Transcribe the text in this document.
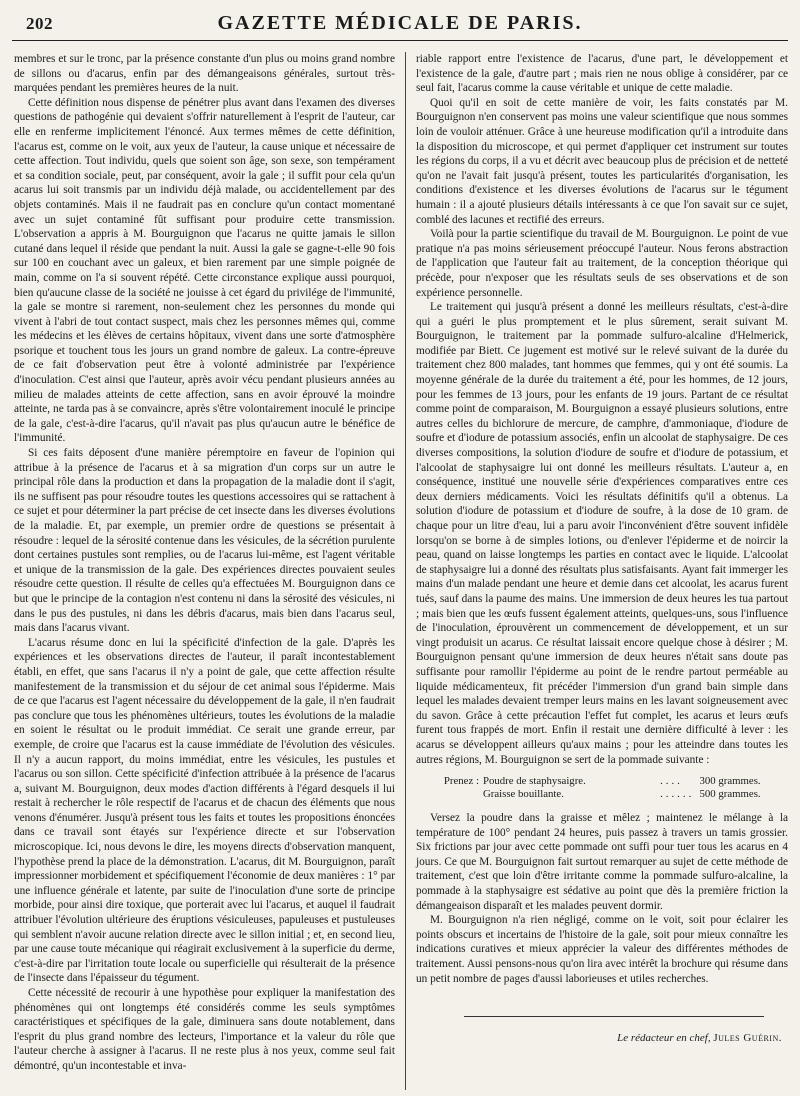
202	GAZETTE MÉDICALE DE PARIS.

membres et sur le tronc, par la présence constante d'un plus ou moins grand nombre de sillons ou d'acarus, enfin par des démangeaisons générales, surtout très-marquées pendant les premières heures de la nuit.

Cette définition nous dispense de pénétrer plus avant dans l'examen des diverses questions de pathogénie qui devaient s'offrir naturellement à l'esprit de l'auteur, car elle en renferme implicitement l'énoncé. Aux termes mêmes de cette définition, l'acarus est, comme on le voit, aux yeux de l'auteur, la cause unique et nécessaire de cette affection. Tout individu, quels que soient son âge, son sexe, son tempérament et sa condition sociale, peut, par conséquent, avoir la gale ; il suffit pour cela qu'un acarus lui soit transmis par un individu déjà malade, ou accidentellement par des objets contaminés. Mais il ne faudrait pas en conclure qu'un contact momentané avec un sujet contaminé fût suffisant pour produire cette transmission. L'observation a appris à M. Bourguignon que l'acarus ne quitte jamais le sillon cutané dans lequel il réside que pendant la nuit. Aussi la gale se gagne-t-elle 90 fois sur 100 en couchant avec un galeux, et bien rarement par une simple poignée de main, comme on l'a si souvent répété. Cette circonstance explique aussi pourquoi, bien qu'aucune classe de la société ne jouisse à cet égard du privilége de l'immunité, la gale se montre si rarement, non-seulement chez les personnes du monde qui vivent à l'abri de tout contact suspect, mais chez les personnes mêmes qui, comme les médecins et les élèves de certains hôpitaux, vivent dans une sorte d'atmosphère psorique et touchent tous les jours un grand nombre de galeux. La contre-épreuve de ce fait d'observation peut être à volonté administrée par l'expérience d'inoculation. C'est ainsi que l'auteur, après avoir vécu pendant plusieurs années au milieu de malades atteints de cette affection, sans en avoir éprouvé la moindre atteinte, ne tarda pas à se convaincre, après s'être volontairement inoculé le principe de la gale, c'est-à-dire l'acarus, qu'il n'avait pas plus qu'aucun autre le bénéfice de l'immunité.

Si ces faits déposent d'une manière péremptoire en faveur de l'opinion qui attribue à la présence de l'acarus et à sa migration d'un corps sur un autre le principal rôle dans la production et dans la propagation de la maladie dont il s'agit, ils ne suffisent pas pour résoudre toutes les questions accessoires qui se rattachent à ce sujet et pour déterminer la part précise de cet insecte dans les diverses évolutions de la maladie. Et, par exemple, un premier ordre de questions se présentait à résoudre : lequel de la sérosité contenue dans les vésicules, de la sécrétion purulente dont certaines pustules sont remplies, ou de l'acarus lui-même, est l'agent véritable et unique de la transmission de la gale. Des expériences directes pouvaient seules résoudre cette question. Il résulte de celles qu'a effectuées M. Bourguignon dans ce but que le principe de la contagion n'est contenu ni dans la sérosité des vésicules, ni dans le pus des pustules, ni dans les débris d'acarus, mais bien dans l'acarus seul, mais dans l'acarus vivant.

L'acarus résume donc en lui la spécificité d'infection de la gale. D'après les expériences et les observations directes de l'auteur, il paraît incontestablement établi, en effet, que sans l'acarus il n'y a point de gale, que cette affection résulte manifestement de la transmission et du séjour de cet animal sous l'épiderme. Mais de ce que l'acarus est l'agent nécessaire du développement de la gale, il n'en faudrait pas conclure que tous les phénomènes ultérieurs, toutes les évolutions de la maladie en soient le résultat ou le produit immédiat. Ce serait une grande erreur, par exemple, de croire que l'acarus est la cause immédiate de l'évolution des vésicules. Il n'y a aucun rapport, du moins immédiat, entre les vésicules, les pustules et l'acarus ou son sillon. Cette spécificité d'infection attribuée à la présence de l'acarus a, suivant M. Bourguignon, deux modes d'action différents à l'égard desquels il lui restait à rechercher le rôle respectif de l'acarus et de chacun des éléments que nous venons d'énumérer. Jusqu'à présent tous les faits et toutes les propositions énoncées dans ce travail sont étayés sur l'expérience directe et sur l'observation microscopique. Ici, nous devons le dire, les moyens directs d'observation manquent, l'hypothèse prend la place de la démonstration. L'acarus, dit M. Bourguignon, paraît impressionner morbidement et spécifiquement l'économie de deux manières : 1° par une influence générale et latente, par suite de l'inoculation d'une sorte de principe morbide, pour ainsi dire toxique, que porterait avec lui l'acarus, et auquel il faudrait attribuer l'évolution ultérieure des éruptions vésiculeuses, papuleuses et pustuleuses qui semblent n'avoir aucune relation directe avec le sillon initial ; et, en second lieu, par une cause toute mécanique qui réagirait exclusivement à la superficie du derme, c'est-à-dire par l'irritation toute locale ou superficielle qui résulterait de la présence de l'insecte dans l'épaisseur du tégument.

Cette nécessité de recourir à une hypothèse pour expliquer la manifestation des phénomènes qui ont longtemps été considérés comme les seuls symptômes caractéristiques et spécifiques de la gale, diminuera sans doute notablement, dans l'esprit du plus grand nombre des lecteurs, l'importance et la valeur du rôle que l'auteur cherche à assigner à l'acarus. Il ne reste plus à nos yeux, comme seul fait démontré, qu'un incontestable et inva-

riable rapport entre l'existence de l'acarus, d'une part, le développement et l'existence de la gale, d'autre part ; mais rien ne nous oblige à considérer, par ce seul fait, l'acarus comme la cause véritable et unique de cette maladie.

Quoi qu'il en soit de cette manière de voir, les faits constatés par M. Bourguignon n'en conservent pas moins une valeur scientifique que nous sommes loin de vouloir atténuer. Grâce à une heureuse modification qu'il a introduite dans la disposition du microscope, et qui permet d'appliquer cet instrument sur toutes les régions du corps, il a vu et décrit avec beaucoup plus de précision et de netteté qu'on ne l'avait fait jusqu'à présent, toutes les particularités d'organisation, les conditions d'existence et les diverses évolutions de l'acarus sur le tégument humain : il a ajouté plusieurs détails intéressants à ce que l'on savait sur ce sujet, comblé des lacunes et rectifié des erreurs.

Voilà pour la partie scientifique du travail de M. Bourguignon. Le point de vue pratique n'a pas moins sérieusement préoccupé l'auteur. Nous ferons abstraction de l'application que l'auteur fait au traitement, de la conception théorique qui précède, pour n'exposer que les résultats seuls de ses observations et de son expérience personnelle.

Le traitement qui jusqu'à présent a donné les meilleurs résultats, c'est-à-dire qui a guéri le plus promptement et le plus sûrement, serait suivant M. Bourguignon, le traitement par la pommade sulfuro-alcaline d'Helmerick, modifiée par Biett. Ce jugement est motivé sur le relevé suivant de la durée du traitement chez 800 malades, tant hommes que femmes, qui y ont été soumis. La moyenne générale de la durée du traitement a été, pour les hommes, de 12 jours, pour les femmes de 13 jours, pour les enfants de 19 jours. Partant de ce résultat comme point de comparaison, M. Bourguignon a essayé plusieurs solutions, entre autres celles du bichlorure de mercure, de camphre, d'ammoniaque, d'iodure de soufre et d'iodure de potassium associés, enfin un alcoolat de staphysaigre. De ces diverses compositions, la solution d'iodure de soufre et d'iodure de potassium, et l'alcoolat de staphysaigre lui ont donné les meilleurs résultats. L'auteur a, en conséquence, institué une nouvelle série d'expériences comparatives entre ces deux derniers médicaments. Voici les résultats définitifs qu'il a obtenus. La solution d'iodure de potassium et d'iodure de soufre, à la dose de 10 gram. de chaque pour un litre d'eau, lui a paru avoir l'inconvénient d'être souvent infidèle lorsqu'on se borne à de simples lotions, ou d'enlever l'épiderme et de noircir la peau, quand on laisse longtemps les parties en contact avec le liquide. L'alcoolat de staphysaigre lui a donné des résultats plus satisfaisants. Ayant fait immerger les mains d'un malade pendant une heure et demie dans cet alcoolat, les acarus furent tués, sauf dans la paume des mains. Une immersion de deux heures les tua partout ; mais bien que les œufs fussent également atteints, quelques-uns, sous l'influence de l'inoculation, éprouvèrent un commencement de développement, et un sur vingt produisit un acarus. Ce résultat laissait encore quelque chose à désirer ; M. Bourguignon pensant qu'une immersion de deux heures n'était sans doute pas suffisante pour ramollir l'épiderme au point de le rendre partout perméable au liquide médicamenteux, fit précéder l'immersion d'un grand bain simple dans lequel les malades devaient tremper leurs mains en les lavant soigneusement avec du savon. Grâce à cette précaution l'effet fut complet, les acarus et leurs œufs furent tous frappés de mort. Enfin il restait une dernière difficulté à lever : les acarus se développent ailleurs qu'aux mains ; pour les atteindre dans toutes les autres régions, M. Bourguignon se sert de la pommade suivante :

Prenez : Poudre de staphysaigre.	....	300 grammes.
Graisse bouillante.	...... 500 grammes.

Versez la poudre dans la graisse et mêlez ; maintenez le mélange à la température de 100° pendant 24 heures, puis passez à travers un tamis grossier. Six frictions par jour avec cette pommade ont suffi pour tuer tous les acarus en 4 jours. Ce que M. Bourguignon fait surtout remarquer au sujet de cette méthode de traitement, c'est que loin d'être irritante comme la pommade sulfuro-alcaline, la pommade à la staphysaigre est sédative au point que dès la première friction la démangeaison disparaît et les malades peuvent dormir.

M. Bourguignon n'a rien négligé, comme on le voit, soit pour éclairer les points obscurs et incertains de l'histoire de la gale, soit pour mieux connaître les indications curatives et mieux apprécier la valeur des différentes méthodes de traitement. Aussi pensons-nous qu'on lira avec intérêt la brochure qui résume dans un petit nombre de pages d'aussi laborieuses et utiles recherches.

Le rédacteur en chef, Jules Guérin.
